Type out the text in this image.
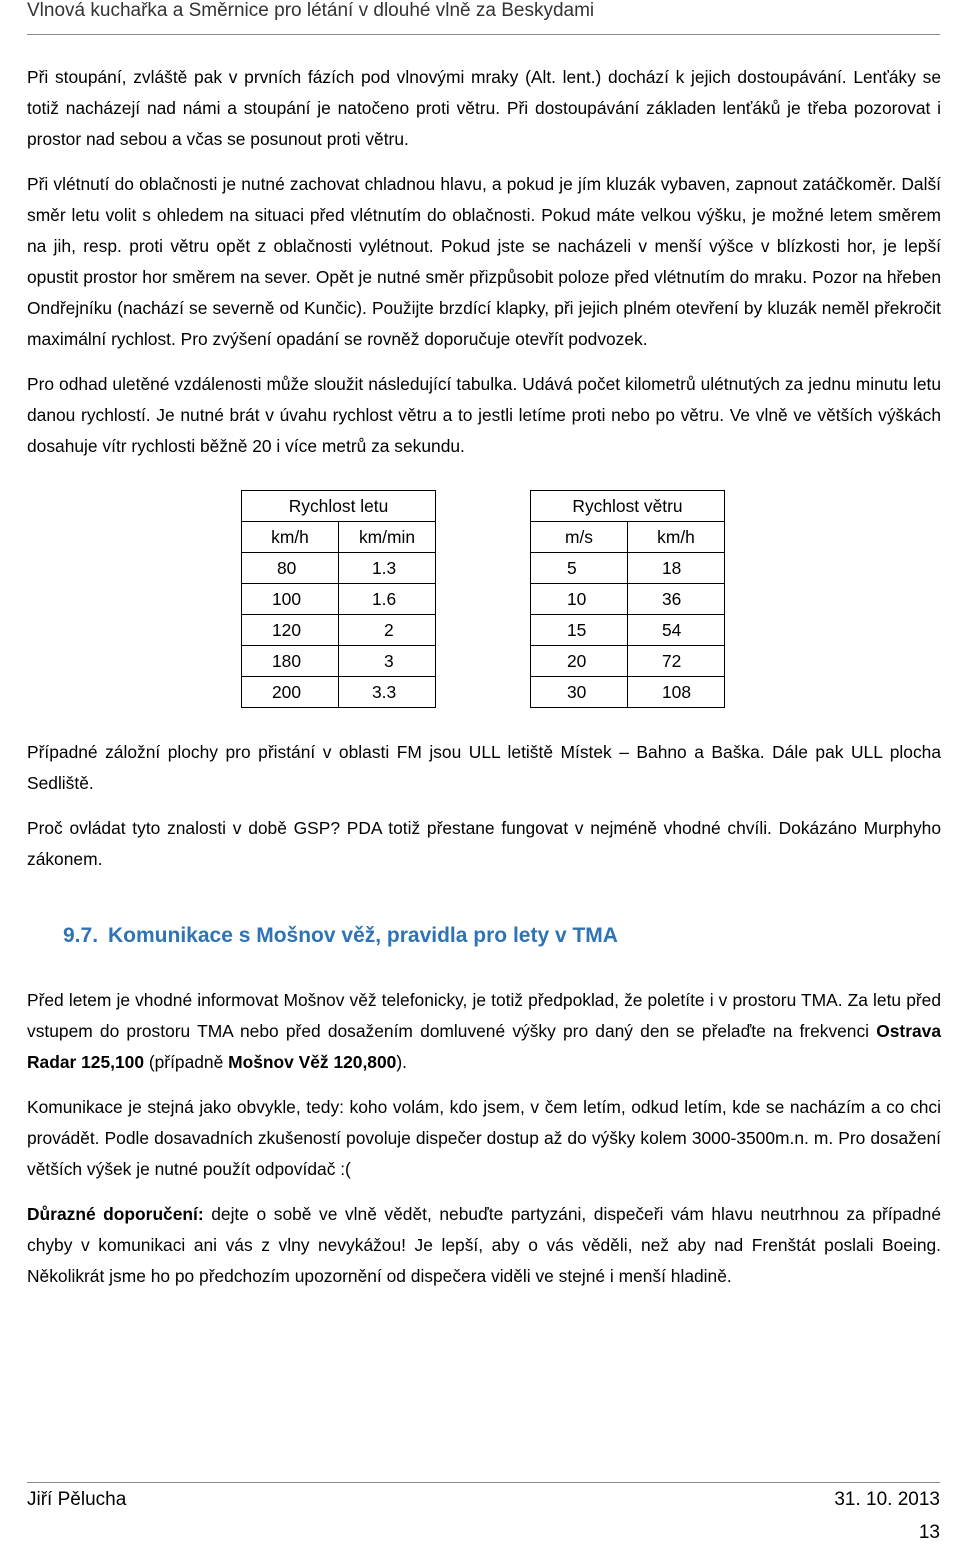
Vlnová kuchařka a Směrnice pro létání v dlouhé vlně za Beskydami

Při stoupání, zvláště pak v prvních fázích pod vlnovými mraky (Alt. lent.) dochází k jejich dostoupávání. Lenťáky se totiž nacházejí nad námi a stoupání je natočeno proti větru. Při dostoupávání základen lenťáků je třeba pozorovat i prostor nad sebou a včas se posunout proti větru.

Při vlétnutí do oblačnosti je nutné zachovat chladnou hlavu, a pokud je jím kluzák vybaven, zapnout zatáčkoměr. Další směr letu volit s ohledem na situaci před vlétnutím do oblačnosti. Pokud máte velkou výšku, je možné letem směrem na jih, resp. proti větru opět z oblačnosti vylétnout. Pokud jste se nacházeli v menší výšce v blízkosti hor, je lepší opustit prostor hor směrem na sever. Opět je nutné směr přizpůsobit poloze před vlétnutím do mraku. Pozor na hřeben Ondřejníku (nachází se severně od Kunčic). Použijte brzdící klapky, při jejich plném otevření by kluzák neměl překročit maximální rychlost. Pro zvýšení opadání se rovněž doporučuje otevřít podvozek.

Pro odhad uletěné vzdálenosti může sloužit následující tabulka. Udává počet kilometrů ulétnutých za jednu minutu letu danou rychlostí. Je nutné brát v úvahu rychlost větru a to jestli letíme proti nebo po větru. Ve vlně ve větších výškách dosahuje vítr rychlosti běžně 20 i více metrů za sekundu.

Rychlost letu	
km/h	km/min
80	1.3
100	1.6
120	2
180	3
200	3.3
Rychlost větru	
m/s	km/h
5	18
10	36
15	54
20	72
30	108

Případné záložní plochy pro přistání v oblasti FM jsou ULL letiště Místek – Bahno a Baška. Dále pak ULL plocha Sedliště.

Proč ovládat tyto znalosti v době GSP? PDA totiž přestane fungovat v nejméně vhodné chvíli. Dokázáno Murphyho zákonem.

9.7. Komunikace s Mošnov věž, pravidla pro lety v TMA

Před letem je vhodné informovat Mošnov věž telefonicky, je totiž předpoklad, že poletíte i v prostoru TMA. Za letu před vstupem do prostoru TMA nebo před dosažením domluvené výšky pro daný den se přelaďte na frekvenci Ostrava Radar 125,100 (případně Mošnov Věž 120,800).

Komunikace je stejná jako obvykle, tedy: koho volám, kdo jsem, v čem letím, odkud letím, kde se nacházím a co chci provádět. Podle dosavadních zkušeností povoluje dispečer dostup až do výšky kolem 3000-3500m.n. m. Pro dosažení větších výšek je nutné použít odpovídač :(

Důrazné doporučení: dejte o sobě ve vlně vědět, nebuďte partyzáni, dispečeři vám hlavu neutrhnou za případné chyby v komunikaci ani vás z vlny nevykážou! Je lepší, aby o vás věděli, než aby nad Frenštát poslali Boeing. Několikrát jsme ho po předchozím upozornění od dispečera viděli ve stejné i menší hladině.

Jiří Pělucha	31. 10. 2013
13
